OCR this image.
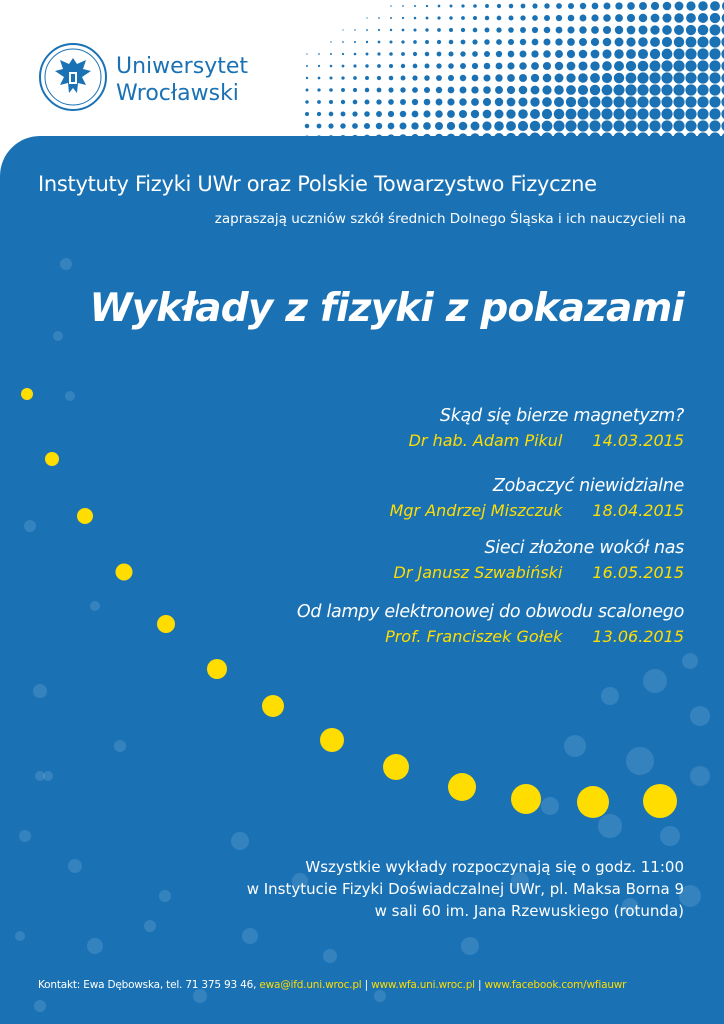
Uniwersytet
Wrocławski
Instytuty Fizyki UWr oraz Polskie Towarzystwo Fizyczne
zapraszają uczniów szkół średnich Dolnego Śląska i ich nauczycieli na
Wykłady z fizyki z pokazami
Skąd się bierze magnetyzm?
Dr hab. Adam Pikul 14.03.2015
Zobaczyć niewidzialne
Mgr Andrzej Miszczuk 18.04.2015
Sieci złożone wokół nas
Dr Janusz Szwabiński 16.05.2015
Od lampy elektronowej do obwodu scalonego
Prof. Franciszek Gołek 13.06.2015
Wszystkie wykłady rozpoczynają się o godz. 11:00
w Instytucie Fizyki Doświadczalnej UWr, pl. Maksa Borna 9
w sali 60 im. Jana Rzewuskiego (rotunda)
Kontakt: Ewa Dębowska, tel. 71 375 93 46, ewa@ifd.uni.wroc.pl | www.wfa.uni.wroc.pl | www.facebook.com/wfiauwr
